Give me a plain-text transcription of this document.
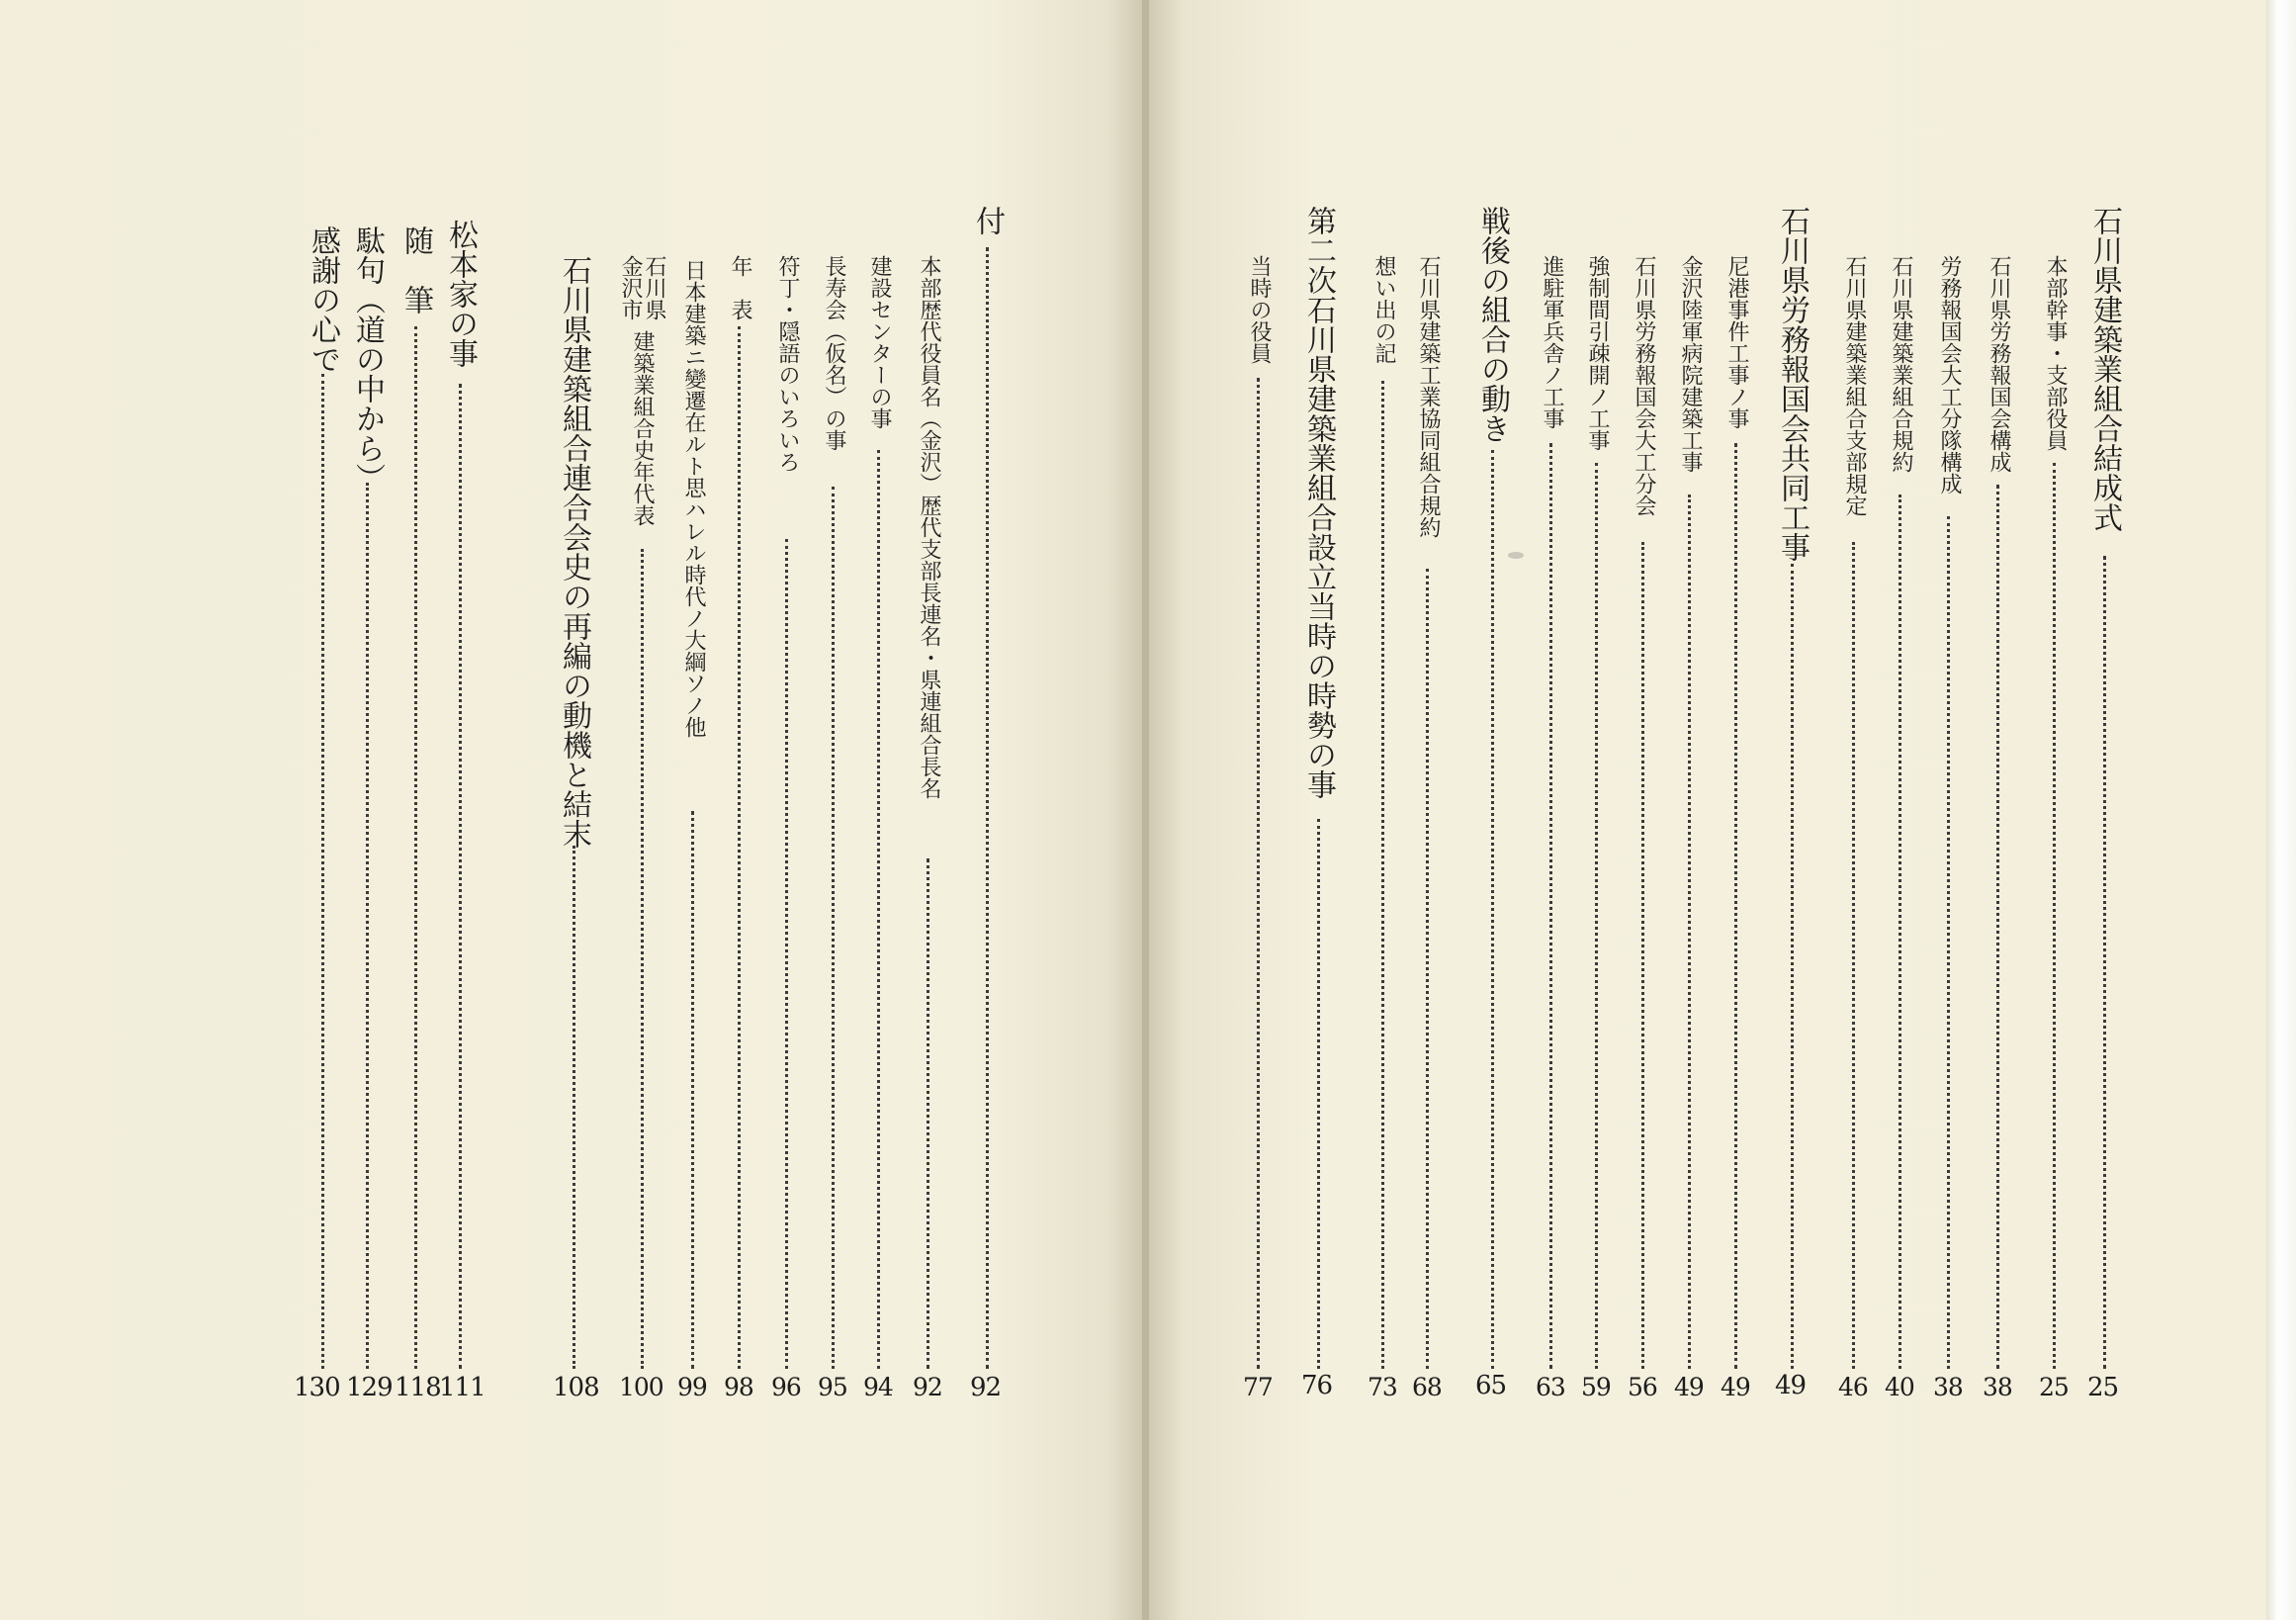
石川県建築業組合結成式
25
本部幹事・支部役員
25
石川県労務報国会構成
38
労務報国会大工分隊構成
38
石川県建築業組合規約
40
石川県建築業組合支部規定
46
石川県労務報国会共同工事
49
尼港事件工事ノ事
49
金沢陸軍病院建築工事
49
石川県労務報国会大工分会
56
強制間引疎開ノ工事
59
進駐軍兵舎ノ工事
63
戦後の組合の動き
65
石川県建築工業協同組合規約
68
想い出の記
73
第二次石川県建築業組合設立当時の時勢の事
76
当時の役員
77
付
92
本部歴代役員名（金沢）歴代支部長連名・県連組合長名
92
建設センターの事
94
長寿会（仮名）の事
95
符丁・隠語のいろいろ
96
年　表
98
日本建築ニ變遷在ルト思ハレル時代ノ大綱ソノ他
99
石川県
金沢市
建築業組合史年代表
100
石川県建築組合連合会史の再編の動機と結末
108
松本家の事
111
随　筆
118
駄句（道の中から）
129
感謝の心で
130
